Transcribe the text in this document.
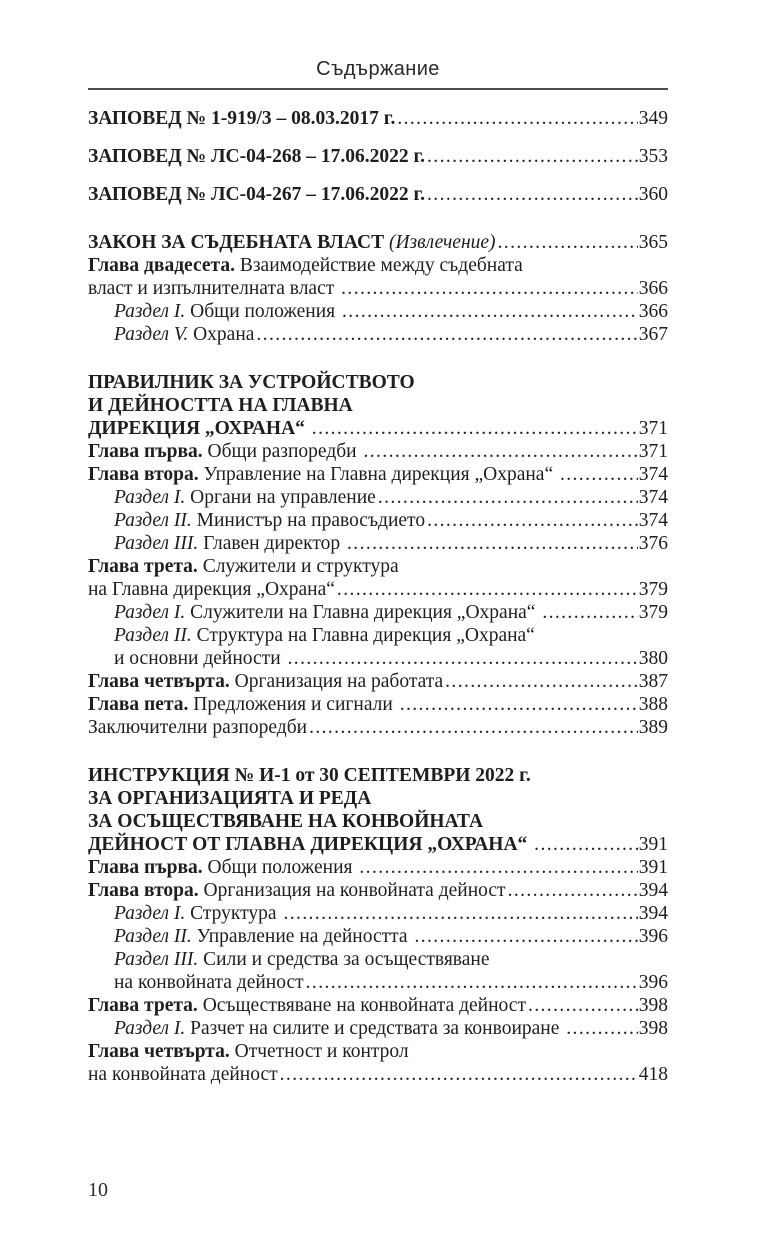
Съдържание
ЗАПОВЕД № 1-919/3 – 08.03.2017 г. .....	349
ЗАПОВЕД № ЛС-04-268 – 17.06.2022 г. .....	353
ЗАПОВЕД № ЛС-04-267 – 17.06.2022 г. .....	360
ЗАКОН ЗА СЪДЕБНАТА ВЛАСТ (Извлечение) .....	365
Глава двадесета. Взаимодействие между съдебната
власт и изпълнителната власт .....	366
Раздел I. Общи положения .....	366
Раздел V. Охрана .....	367
ПРАВИЛНИК ЗА УСТРОЙСТВОТО
И ДЕЙНОСТТА НА ГЛАВНА
ДИРЕКЦИЯ „ОХРАНА“ .....	371
Глава първа. Общи разпоредби .....	371
Глава втора. Управление на Главна дирекция „Охрана“ .....	374
Раздел I. Органи на управление .....	374
Раздел II. Министър на правосъдието .....	374
Раздел III. Главен директор .....	376
Глава трета. Служители и структура
на Главна дирекция „Охрана“ .....	379
Раздел I. Служители на Главна дирекция „Охрана“ .....	379
Раздел II. Структура на Главна дирекция „Охрана“
и основни дейности .....	380
Глава четвърта. Организация на работата .....	387
Глава пета. Предложения и сигнали .....	388
Заключителни разпоредби .....	389
ИНСТРУКЦИЯ № И-1 от 30 СЕПТЕМВРИ 2022 г.
ЗА ОРГАНИЗАЦИЯТА И РЕДА
ЗА ОСЪЩЕСТВЯВАНЕ НА КОНВОЙНАТА
ДЕЙНОСТ ОТ ГЛАВНА ДИРЕКЦИЯ „ОХРАНА“ .....	391
Глава първа. Общи положения .....	391
Глава втора. Организация на конвойната дейност .....	394
Раздел I. Структура .....	394
Раздел II. Управление на дейността .....	396
Раздел III. Сили и средства за осъществяване
на конвойната дейност .....	396
Глава трета. Осъществяване на конвойната дейност .....	398
Раздел I. Разчет на силите и средствата за конвоиране .....	398
Глава четвърта. Отчетност и контрол
на конвойната дейност .....	418
10
